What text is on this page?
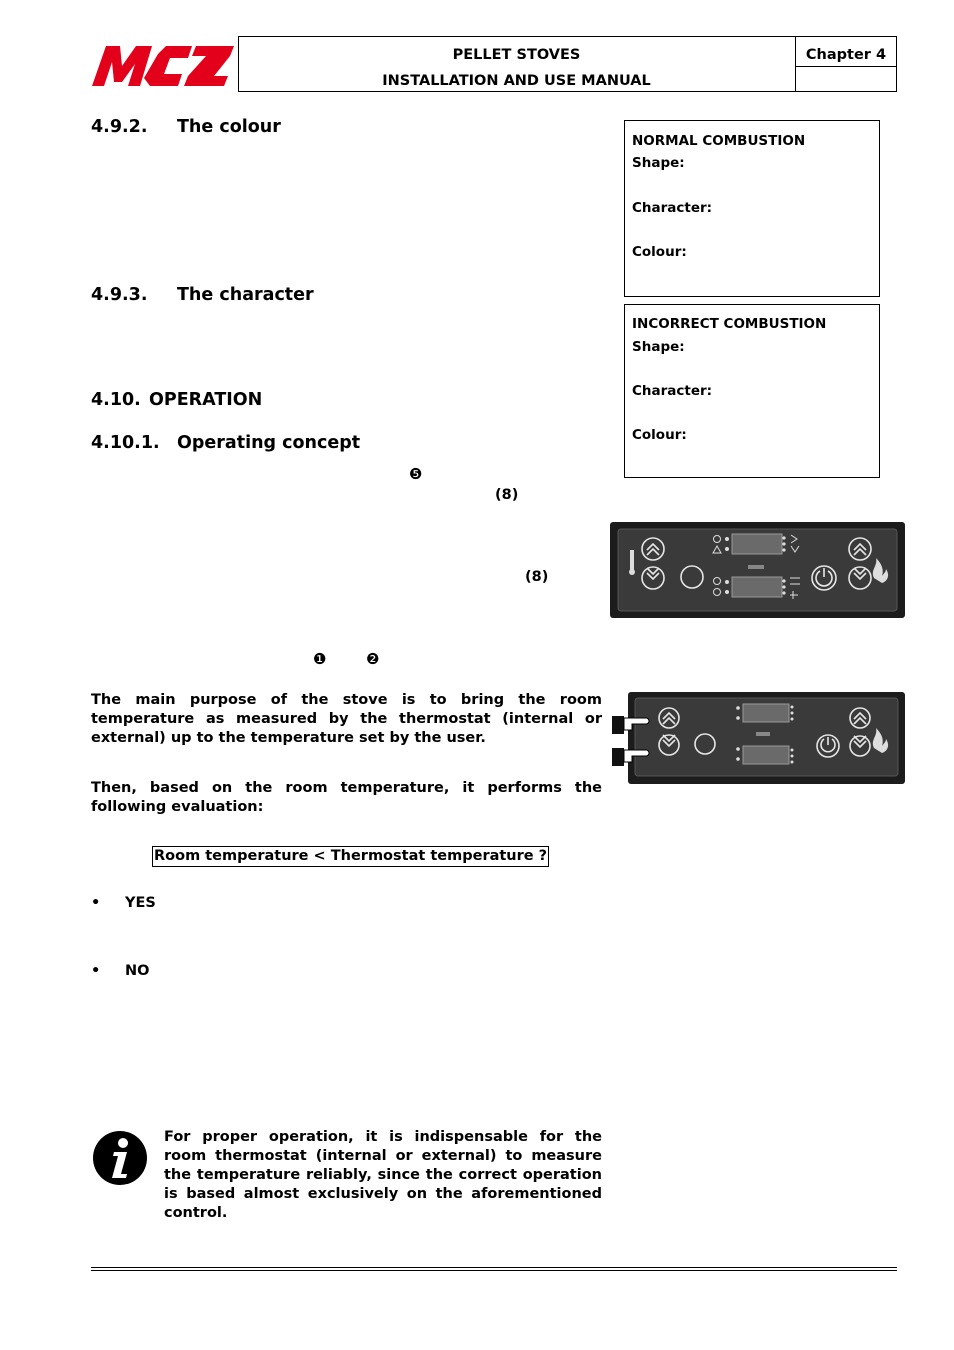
PELLET STOVES
INSTALLATION AND USE MANUAL
Chapter 4
4.9.2. The colour
4.9.3. The character
4.10. OPERATION
4.10.1. Operating concept
NORMAL COMBUSTION
Shape:
Character:
Colour:
INCORRECT COMBUSTION
Shape:
Character:
Colour:
❺
(8)
(8)
❶	❷
The main purpose of the stove is to bring the room temperature as measured by the thermostat (internal or external) up to the temperature set by the user.
Then, based on the room temperature, it performs the following evaluation:
Room temperature < Thermostat temperature ?
• YES
• NO
For proper operation, it is indispensable for the room thermostat (internal or external) to measure the temperature reliably, since the correct operation is based almost exclusively on the aforementioned control.
